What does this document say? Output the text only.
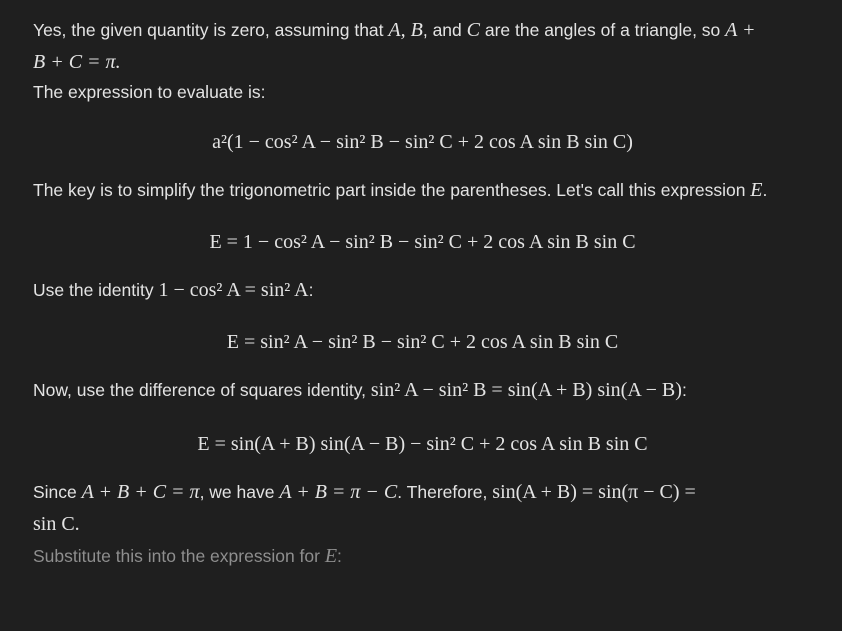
Yes, the given quantity is zero, assuming that A, B, and C are the angles of a triangle, so A +
B + C = π.

The expression to evaluate is:

a²(1 − cos² A − sin² B − sin² C + 2 cos A sin B sin C)

The key is to simplify the trigonometric part inside the parentheses. Let's call this expression E.

E = 1 − cos² A − sin² B − sin² C + 2 cos A sin B sin C

Use the identity 1 − cos² A = sin² A:

E = sin² A − sin² B − sin² C + 2 cos A sin B sin C

Now, use the difference of squares identity, sin² A − sin² B = sin(A + B) sin(A − B):

E = sin(A + B) sin(A − B) − sin² C + 2 cos A sin B sin C

Since A + B + C = π, we have A + B = π − C. Therefore, sin(A + B) = sin(π − C) =
sin C.

Substitute this into the expression for E:
